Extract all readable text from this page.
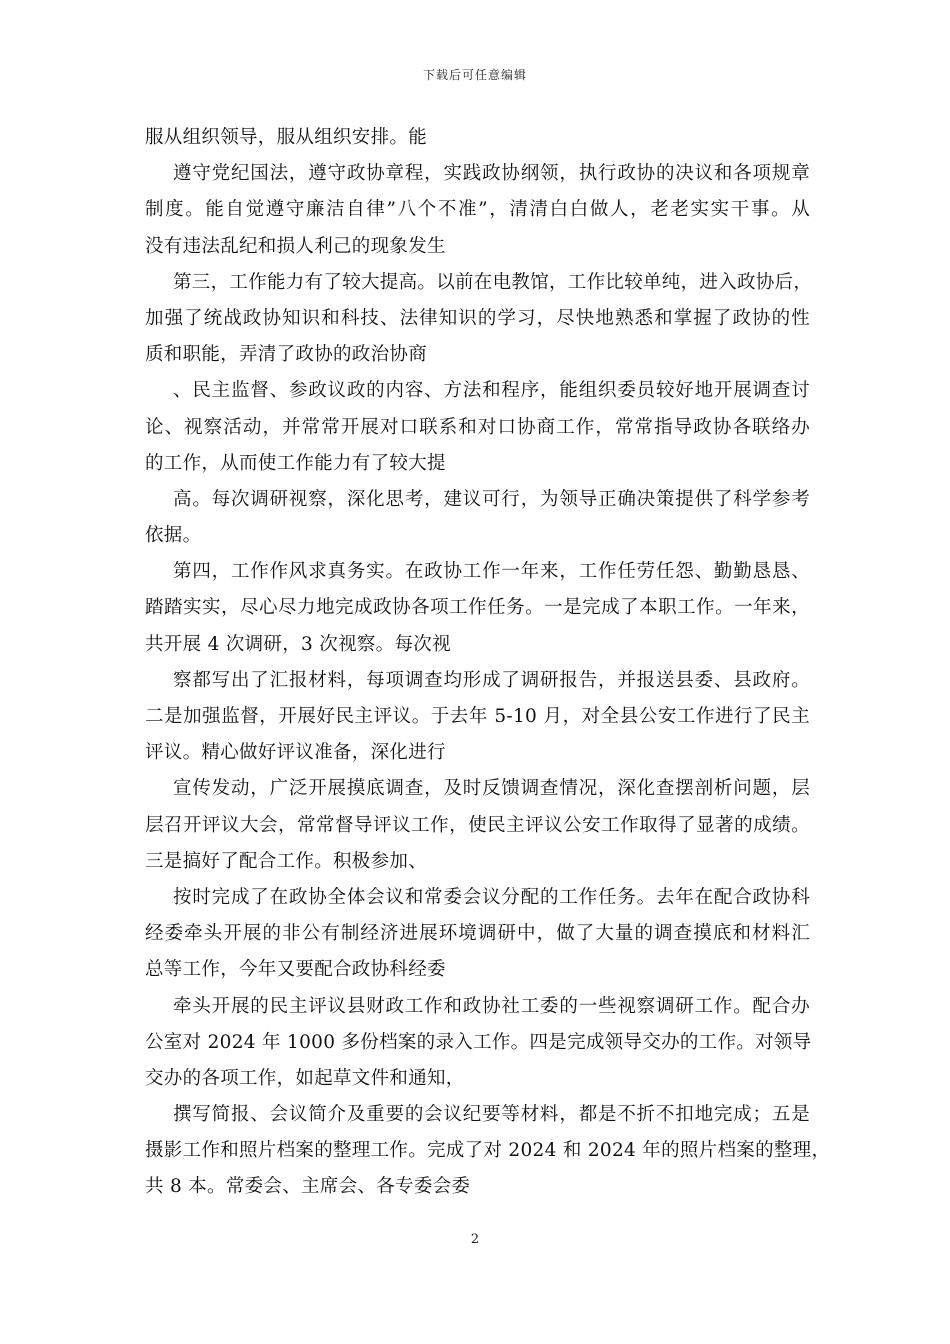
下载后可任意编辑
服从组织领导，服从组织安排。能
遵守党纪国法，遵守政协章程，实践政协纲领，执行政协的决议和各项规章
制度。能自觉遵守廉洁自律”八个不准”，清清白白做人，老老实实干事。从
没有违法乱纪和损人利己的现象发生
第三，工作能力有了较大提高。以前在电教馆，工作比较单纯，进入政协后，
加强了统战政协知识和科技、法律知识的学习，尽快地熟悉和掌握了政协的性
质和职能，弄清了政协的政治协商
、民主监督、参政议政的内容、方法和程序，能组织委员较好地开展调查讨
论、视察活动，并常常开展对口联系和对口协商工作，常常指导政协各联络办
的工作，从而使工作能力有了较大提
高。每次调研视察，深化思考，建议可行，为领导正确决策提供了科学参考
依据。
第四，工作作风求真务实。在政协工作一年来，工作任劳任怨、勤勤恳恳、
踏踏实实，尽心尽力地完成政协各项工作任务。一是完成了本职工作。一年来，
共开展 4 次调研，3 次视察。每次视
察都写出了汇报材料，每项调查均形成了调研报告，并报送县委、县政府。
二是加强监督，开展好民主评议。于去年 5-10 月，对全县公安工作进行了民主
评议。精心做好评议准备，深化进行
宣传发动，广泛开展摸底调查，及时反馈调查情况，深化查摆剖析问题，层
层召开评议大会，常常督导评议工作，使民主评议公安工作取得了显著的成绩。
三是搞好了配合工作。积极参加、
按时完成了在政协全体会议和常委会议分配的工作任务。去年在配合政协科
经委牵头开展的非公有制经济进展环境调研中，做了大量的调查摸底和材料汇
总等工作，今年又要配合政协科经委
牵头开展的民主评议县财政工作和政协社工委的一些视察调研工作。配合办
公室对 2024 年 1000 多份档案的录入工作。四是完成领导交办的工作。对领导
交办的各项工作，如起草文件和通知，
撰写简报、会议简介及重要的会议纪要等材料，都是不折不扣地完成；五是
摄影工作和照片档案的整理工作。完成了对 2024 和 2024 年的照片档案的整理，
共 8 本。常委会、主席会、各专委会委
2
